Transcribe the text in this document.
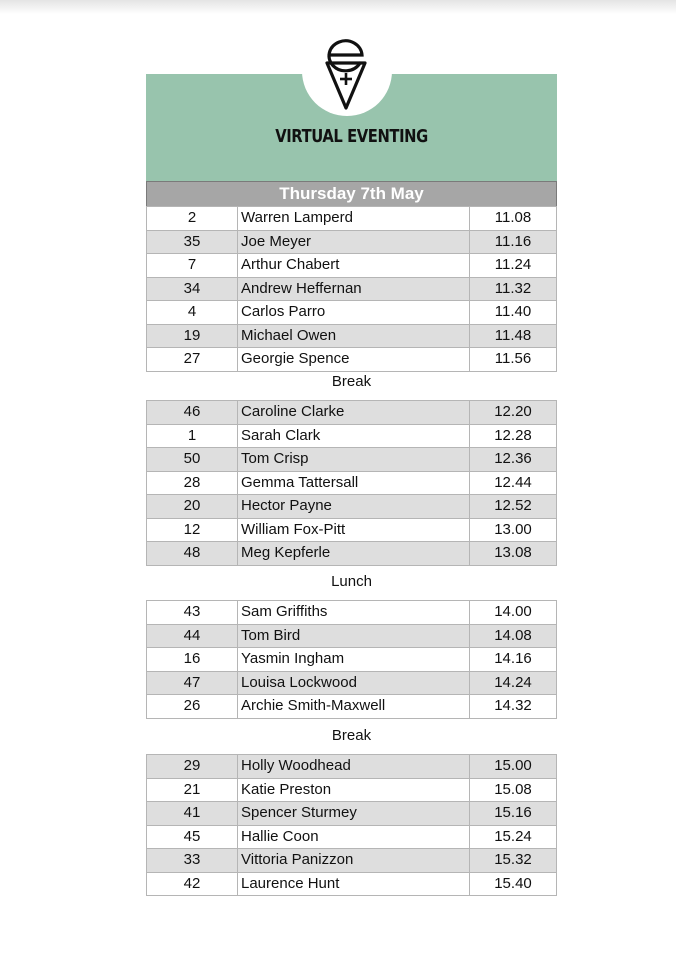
VIRTUAL EVENTING
Thursday 7th May
2	Warren Lamperd	11.08
35	Joe Meyer	11.16
7	Arthur Chabert	11.24
34	Andrew Heffernan	11.32
4	Carlos Parro	11.40
19	Michael Owen	11.48
27	Georgie Spence	11.56
Break
46	Caroline Clarke	12.20
1	Sarah Clark	12.28
50	Tom Crisp	12.36
28	Gemma Tattersall	12.44
20	Hector Payne	12.52
12	William Fox-Pitt	13.00
48	Meg Kepferle	13.08
Lunch
43	Sam Griffiths	14.00
44	Tom Bird	14.08
16	Yasmin Ingham	14.16
47	Louisa Lockwood	14.24
26	Archie Smith-Maxwell	14.32
Break
29	Holly Woodhead	15.00
21	Katie Preston	15.08
41	Spencer Sturmey	15.16
45	Hallie Coon	15.24
33	Vittoria Panizzon	15.32
42	Laurence Hunt	15.40
